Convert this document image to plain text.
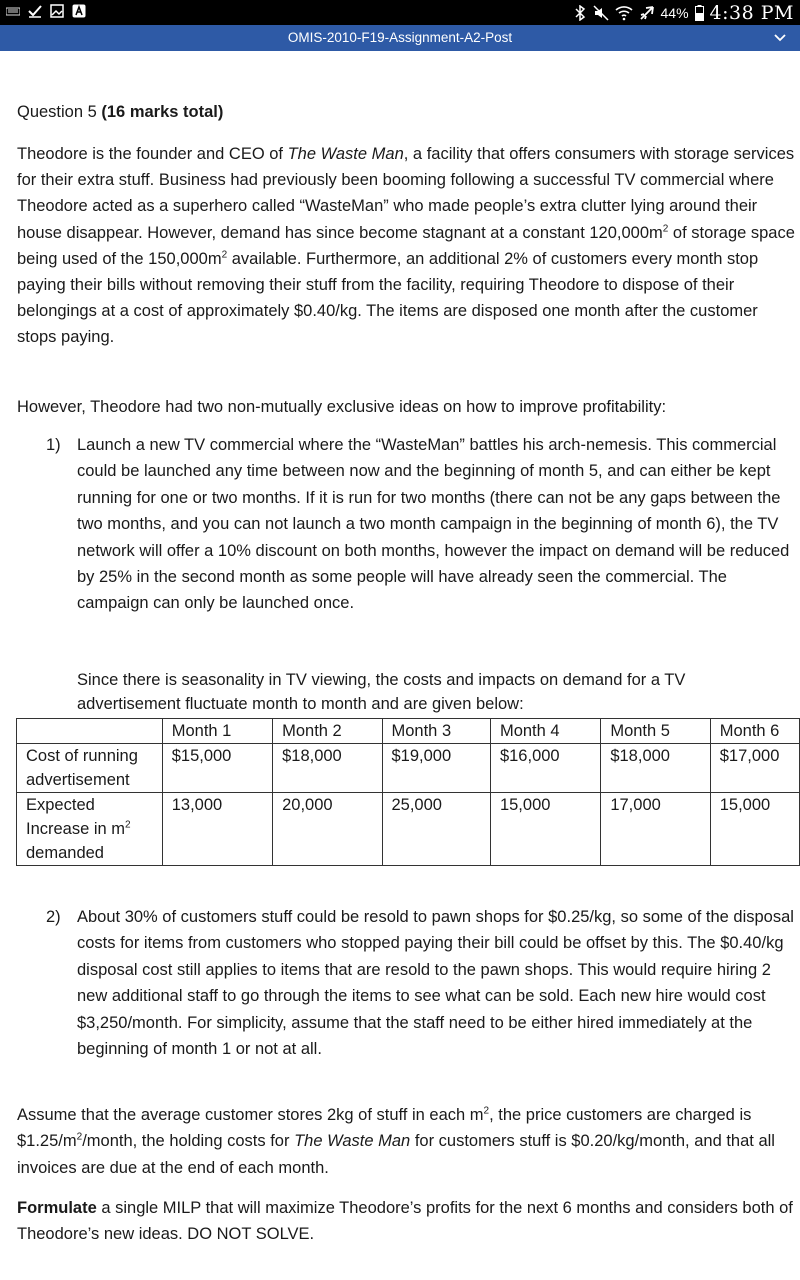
44% 4:38 PM
OMIS-2010-F19-Assignment-A2-Post
Question 5 (16 marks total)

Theodore is the founder and CEO of The Waste Man, a facility that offers consumers with storage services for their extra stuff. Business had previously been booming following a successful TV commercial where Theodore acted as a superhero called “WasteMan” who made people’s extra clutter lying around their house disappear. However, demand has since become stagnant at a constant $120,000m^2$ of storage space being used of the $150,000m^2$ available. Furthermore, an additional 2% of customers every month stop paying their bills without removing their stuff from the facility, requiring Theodore to dispose of their belongings at a cost of approximately $0.40/kg. The items are disposed one month after the customer stops paying.

However, Theodore had two non-mutually exclusive ideas on how to improve profitability:

1) Launch a new TV commercial where the “WasteMan” battles his arch-nemesis. This commercial could be launched any time between now and the beginning of month 5, and can either be kept running for one or two months. If it is run for two months (there can not be any gaps between the two months, and you can not launch a two month campaign in the beginning of month 6), the TV network will offer a 10% discount on both months, however the impact on demand will be reduced by 25% in the second month as some people will have already seen the commercial. The campaign can only be launched once.
Since there is seasonality in TV viewing, the costs and impacts on demand for a TV advertisement fluctuate month to month and are given below:
	Month 1	Month 2	Month 3	Month 4	Month 5	Month 6
Cost of running advertisement	$15,000	$18,000	$19,000	$16,000	$18,000	$17,000
Expected Increase in $m^2$ demanded	13,000	20,000	25,000	15,000	17,000	15,000
2) About 30% of customers stuff could be resold to pawn shops for $0.25/kg, so some of the disposal costs for items from customers who stopped paying their bill could be offset by this. The $0.40/kg disposal cost still applies to items that are resold to the pawn shops. This would require hiring 2 new additional staff to go through the items to see what can be sold. Each new hire would cost $3,250/month. For simplicity, assume that the staff need to be either hired immediately at the beginning of month 1 or not at all.

Assume that the average customer stores 2kg of stuff in each $m^2$, the price customers are charged is $\$1.25/m^2$/month, the holding costs for The Waste Man for customers stuff is $0.20/kg/month, and that all invoices are due at the end of each month.

Formulate a single MILP that will maximize Theodore’s profits for the next 6 months and considers both of Theodore’s new ideas. DO NOT SOLVE.
